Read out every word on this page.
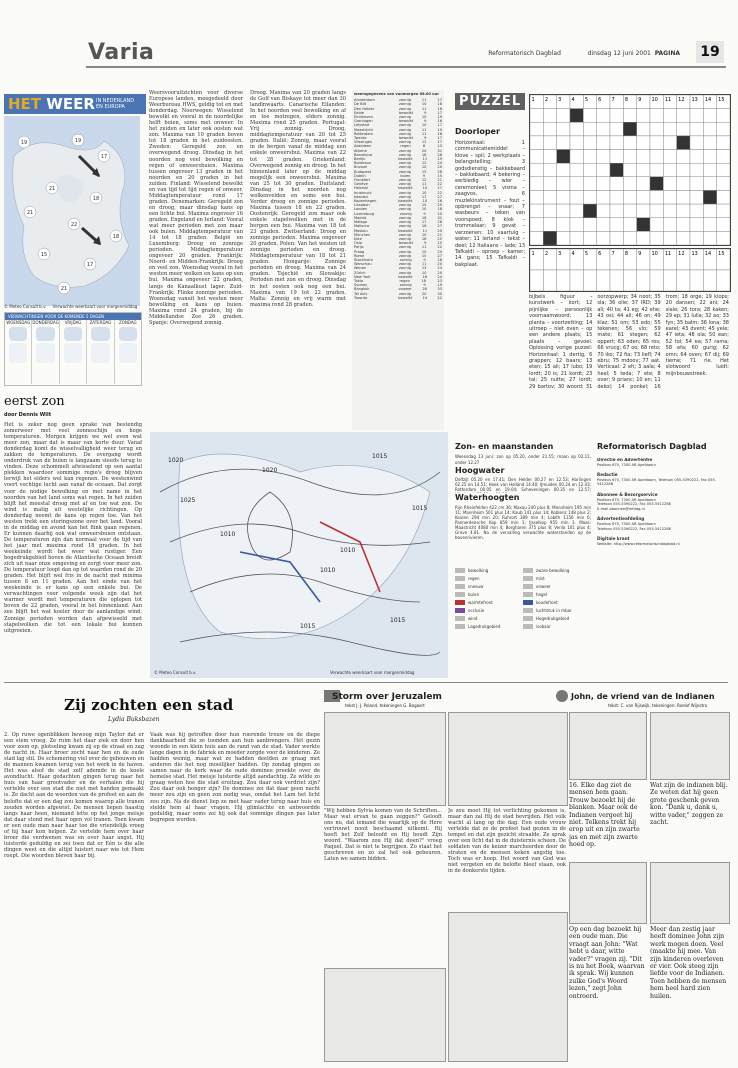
Varia	Reformatorisch Dagblad	dinsdag 12 juni 2001 PAGINA	19
HET WEER IN NEDERLAND EN EUROPA
19	19
17
21
18
21
22
18
15
17
21
© Meteo Consult b.v. Verwachte weerkaart voor morgenmiddag
VERWACHTINGEN VOOR DE KOMENDE 5 DAGEN
WOENSDAG DONDERDAG	VRIJDAG	ZATERDAG	ZONDAG
eerst zon
door Dennis Wilt
Het is zeker nog geen sprake van bestendig zomerweer met veel zonneschijn en hoge temperaturen. Morgen krijgen we wel even wat meer zon, maar dat is maar van korte duur. Vanaf donderdag komt de wisselvalligheid weer terug en zakken de temperaturen. De overgang wordt onderdruk van de buien is langzaam steeds terug te vinden. Deze schommelt afwisselend op een aantal plekken waardoor sommige regio's droog blijven terwijl het elders wel kan regenen. De westenwind voert vochtige lucht aan vanaf de oceaan. Dat zorgt voor de nodige bewolking en met name in het noorden van het land soms wat regen. In het zuiden blijft het meestal droog met af en toe wat zon. De wind is matig uit westelijke richtingen. Op donderdag neemt de kans op regen toe. Van het westen trekt een storingszone over het land. Vooral in de middag en avond kan het flink gaan regenen. Er kunnen daarbij ook wat onweersbuien ontstaan. De temperaturen zijn dan normaal voor de tijd van het jaar met maxima rond 18 graden. In het weekeinde wordt het weer wat rustiger. Een hogedrukgebied boven de Atlantische Oceaan breidt zich uit naar onze omgeving en zorgt voor meer zon. De temperatuur loopt dan op tot waarden rond de 20 graden. Het blijft wel fris in de nacht met minima tussen 8 en 11 graden. Aan het einde van het weekeinde is er kans op een enkele bui. De verwachtingen voor volgende week zijn dat het warmer wordt met temperaturen die oplopen tot boven de 22 graden, vooral in het binnenland. Aan zee blijft het wat koeler door de aanlandige wind. Zonnige perioden worden dan afgewisseld met stapelwolken die tot een lokale bui kunnen uitgroeien.
Weersvooruitzichten voor diverse Europese landen, meegedeeld door Weerbureau HWS, geldig tot en met donderdag. Noorwegen: Wisselend bewolkt en vooral in de noordelijke helft buien, soms met onweer. In het zuiden en later ook oosten wat zon. Maxima van 10 graden boven tot 18 graden in het zuidoosten. Zweden: Geregeld zon en overwegend droog. Dinsdag in het noorden nog veel bewolking en regen of onweersbuien. Maxima tussen ongeveer 13 graden in het noorden en 20 graden in het zuiden. Finland: Wisselend bewolkt en van tijd tot tijd regen of onweer. Middagtemperatuur rond 17 graden. Denemarken: Geregeld zon en droog, maar dinsdag kans op een lichte bui. Maxima ongeveer 16 graden. Engeland en Ierland: Vooral wat meer perioden met zon maar ook buien. Middagtemperatuur van 14 tot 18 graden. België en Luxemburg: Droog en zonnige perioden. Middagtemperatuur ongeveer 20 graden. Frankrijk: Noord- en Midden-Frankrijk: Droog en veel zon. Woensdag vooral in het westen meer wolken en kans op een bui. Maxima ongeveer 22 graden, langs de Kanaalkust lager. Zuid-Frankrijk: Flinke zonnige perioden. Woensdag vanuit het westen meer bewolking en kans op buien. Maxima rond 24 graden, bij de Middellandse Zee 26 graden. Spanje: Overwegend zonnig.
Droog. Maxima van 20 graden langs de Golf van Biskaye tot meer dan 30 landinwaarts. Canarische Eilanden: In het noorden veel bewolking en af en toe motregen, elders zonnig. Maxima rond 25 graden. Portugal: Vrij zonnig. Droog, middagtemperatuur van 20 tot 25 graden. Italië: Zonnig, maar vooral in de bergen vanaf de middag een enkele onweersbui. Maxima van 22 tot 28 graden. Griekenland: Overwegend zonnig en droog. In het binnenland later op de middag mogelijk een onweersbui. Maxima van 25 tot 30 graden. Duitsland: Dinsdag in het noorden nog wolkenvelden en soms een bui. Verder droog en zonnige perioden. Maxima tussen 18 en 22 graden. Oostenrijk: Geregeld zon maar ook enkele stapelwolken met in de bergen een bui. Maxima van 18 tot 23 graden. Zwitserland: Droog en zonnige perioden. Maxima ongeveer 20 graden. Polen: Van het westen uit zonnige perioden en droog. Middagtemperatuur van 18 tot 21 graden. Hongarije: Zonnige perioden en droog. Maxima van 24 graden. Tsjechië en Slowakije: Perioden met zon en droog. Dinsdag in het oosten ook nog een bui. Maxima van 19 tot 22 graden. Malta: Zonnig en vrij warm met maxima rond 28 graden.
weersgegevens van vanmorgen 08.00 uur
Amsterdam	zonnig	11	17
De Bilt	zonnig	10	18
Den Helder	zonnig	11	16
Eelde	bewolkt	9	17
Eindhoven	zonnig	10	19
Groningen	bewolkt	9	16
Lelystad	zonnig	10	17
Maastricht	zonnig	11	19
Rotterdam	zonnig	11	18
Twente	bewolkt	9	17
Vlissingen	zonnig	12	17
Aberdeen	regen	8	13
Athene	zonnig	20	31
Barcelona	zonnig	18	26
Berlijn	bewolkt	11	19
Bordeaux	zonnig	12	24
Brussel	zonnig	10	20
Budapest	zonnig	15	26
Dublin	buien	9	15
Frankfort	zonnig	12	21
Genève	zonnig	11	22
Helsinki	bewolkt	10	17
Innsbruck	zonnig	10	22
Istanbul	zonnig	17	27
Kopenhagen	bewolkt	10	16
Lissabon	zonnig	15	25
Londen	zonnig	10	18
Luxemburg	zonnig	9	20
Madrid	zonnig	16	31
Malaga	zonnig	17	28
Mallorca	zonnig	16	27
Moskou	bewolkt	11	20
München	zonnig	10	21
Nice	zonnig	16	25
Oslo	bewolkt	9	15
Parijs	zonnig	11	22
Praag	zonnig	10	20
Rome	zonnig	15	27
Stockholm	zonnig	9	18
Warschau	zonnig	11	20
Wenen	zonnig	13	23
Zürich	zonnig	10	20
New York	bewolkt	16	24
Tokio	regen	18	23
Sydney	zonnig	9	19
Bangkok	onweer	26	33
Tel Aviv	zonnig	20	30
Toronto	bewolkt	14	22
PUZZEL	1 2 3 4 5 6 7 8 9 10 11 12 13 14 15
1 2 3 4 5 6 7 8 9 10 11 12 13 14 15
Doorloper
Horizontaal: 1 communicatiemiddel – klove – spil; 2 werkplaats – belangstelling; 3 godsdienstig – bakkebaard – bakkebaard; 4 bekering – eerbiedig – wier – ceremonieel; 5 visma – zaagvos, 6 muziekinstrument – fout – opbrengst – snaar; 7 wasbeurs – teken van voorspoed; 8 klok – trommelaar; 9 gevat – verzoenen; 10 vaartuig – water; 11 Ierland – tekst – deel; 12 Italiaans – lade; 13 Tafkaldi – oproep – kamer; 14 gans; 15 Tafkaldi – bakplaat.
bijbels figuur – kunstwerk – kort; 12 pijnlijke – persoonlijk voornaamwoord; 13 planta – voortzetting; 14 uitroep – niet oven – op een andere plaats; 15 plaats – gevoel. Oplossing vorige puzzel: Horizontaal: 1 dertig, 6 grappen; 12 baars; 13 eten; 15 ali; 17 lubo; 19 lordt; 20 is; 21 kordt; 23 tal; 25 nutte; 27 lordt; 29 bartov; 30 woord; 31 oorzopwerp; 34 noot; 35 sla; 36 olie; 37 IRD; 39 ali; 40 ta; 41 eg; 42 ehe; 43 osi; 44 ali; 46 on; 49 klaz; 51 om; 53 edo; 55 tekenen; 56 vlo; 59 mate; 61 stegen; 62 oppert; 63 oden; 65 ros; 66 vrucg; 67 oo; 68 reto; 70 iko; 72 fia; 73 liefl; 74 ebru; 75 mdoov; 77 aat. Verticaal: 2 elt; 3 aala; 4 heel; 5 teda; 7 ete; 8 over; 9 prianc; 10 en; 11 dekol; 14 ponkel; 16 trom; 18 orge; 19 klops; 20 dansen; 22 ani; 24 siale; 26 tora; 28 kaken; 29 ep; 31 lulia; 32 ao; 33 fyn; 35 balm; 36 lona; 38 earel; 43 dvent; 45 yele; 47 ieta; 48 ola; 50 ean; 52 tol; 54 ea; 57 rama; 58 efa; 60 gurig; 62 omn; 64 oven; 67 dij; 69 tieme; 71 rie. Het slotwoord luidt: mijnbouwstreek.
1020
1020
1015
1025
1015
1010
1010
1015
1015
1010
© Meteo Consult b.v.	Verwachte weerkaart voor morgenmiddag
Zon- en maanstanden
Woensdag 13 juni: zon op 05.20, onder 21.55; maan op 02.11, onder 12.27
Hoogwater
Delfzijl 05.20 en 17.41; Den Helder 00.27 en 12.53; Harlingen 02.25 en 14.51; Hoek van Holland 14.40; IJmuiden 00.24 en 12.43; Rotterdam 00.05 en 19.04; Scheveningen 00.35 en 12.57;
Waterhoogten
Rijn Rheinfelden 422 cm 36; Maxau 240 plus 8; Mannheim 195 min 11; Mannheim 501 plus 14; Kaub 141 plus 14; Koblenz 148 plus 2; Keulen 294 min 20; Ruhrort 389 min 4; Lobith 1156 min 6; Pannerdensche Kop 859 min 1; IJsselkop 955 min 3. Maas: Maastricht 4080 min 4; Borgharen 375 plus 8; Venlo 101 plus 4; Grave 4.81. Na de vervalling verwachte waterstanden op de bovenrivieren.
bewolking	zware bewolking
regen	mist
sneeuw	onweer
buien	hagel
warmtefront	koudefront
occlusie	luchtdruk in mbar
wind	Hogedrukgebied
Lagedrukgebied	isobaar
Reformatorisch Dagblad
Directie en Advertentie
Postbus 670, 7300 AR Apeldoorn
Redactie
Postbus 670, 7300 AR Apeldoorn, Telefoon 055-5390222, Fax 055-5412288
Abonnee & Bezorgservice
Postbus 670, 7300 AR Apeldoorn
Telefoon 055-5390222, Fax 055-5412288
E-mail abonnee@refdag.nl
Advertentieafdeling
Postbus 670, 7300 AR Apeldoorn
Telefoon 055-5390222, Fax 055-5412288
Digitale krant
Website: http://www.reformatorischdagblad.nl
Zij zochten een stad
Lydia Buksbazen
2. Op ruwe ogenblikken bewoog mijn Taylor dat er een stem vroeg. Ze ruim het daar ziek en door hen voor zoon op, plotseling kwam zij op de straat en zag de nacht in. Haar broer zocht naar hen en de oude stad lag stil. De schemering viel over de gebouwen en de mannen kwamen terug van het werk in de haven. Het was alsof de stad zelf ademde in de koele avondlucht. Haar gedachten gingen terug naar het huis van haar grootvader en de verhalen die hij vertelde over een stad die niet met handen gemaakt is. Ze dacht aan de woorden van de profeet en aan de belofte dat er een dag zou komen waarop alle tranen zouden worden afgewist. De mensen liepen haastig langs haar heen, niemand lette op het jonge meisje dat daar stond met haar ogen vol tranen. Toen kwam er een oude man naar haar toe die vriendelijk vroeg of hij haar kon helpen. Ze vertelde hem over haar broer die verdwenen was en over haar angst. Hij luisterde geduldig en zei toen dat er Eén is die alle dingen weet en die altijd luistert naar wie tot Hem roept. Die woorden bleven haar bij.
Vaak was hij getroffen door hun roerende trouw en de diepe dankbaarheid die ze toonden aan hun aanbrengers. Het gezin woonde in een klein huis aan de rand van de stad. Vader werkte lange dagen in de fabriek en moeder zorgde voor de kinderen. Ze hadden weinig, maar wat ze hadden deelden ze graag met anderen die het nog moeilijker hadden. Op zondag gingen ze samen naar de kerk waar de oude dominee preekte over de hemelse stad. Het meisje luisterde altijd aandachtig. Ze wilde zo graag weten hoe die stad eruitzag. Zou daar ook verdriet zijn? Zou daar ook honger zijn? De dominee zei dat daar geen nacht meer zou zijn en geen zon nodig was, omdat het Lam het licht zou zijn. Na de dienst liep ze met haar vader terug naar huis en stelde hem al haar vragen. Hij glimlachte en antwoordde geduldig, maar soms zei hij ook dat sommige dingen pas later begrepen worden.
Storm over Jeruzalem
tekst J. J. Poland, tekeningen G. Bogaert
"Wij hebben Sylvia komen van de Schriften... Maar wat ervan te gaan zeggen?" Gelooft ons nu, dat iemand die waarlijk op de Here vertrouwt nooit beschaamd uitkomt. Hij heeft het Zelf beloofd en Hij houdt Zijn woord. "Waarom zou Hij dat doen?" vroeg Paquel. Dat is niet te begrijpen. Zo staat het geschreven en zo zal het ook gebeuren. Laten we samen bidden.
Je zou moet Hij tot verlichting gekomen is, maar dan zal Hij de stad bevrijden. Het volk wacht al lang op die dag. Een oude vrouw vertelde dat ze de profeet had gezien in de tempel en dat zijn gezicht straalde. Ze sprak over een licht dat in de duisternis scheen. De soldaten van de keizer marcheerden door de straten en de mensen keken angstig toe. Toch was er hoop. Het woord van God was niet vergeten en de belofte bleef staan, ook in de donkerste tijden.
John, de vriend van de Indianen
tekst: C. van Rijswijk, tekeningen: Roelof Wijnstra
16. Elke dag ziet de mensen hem gaan. Trouw bezoekt hij de blanken. Maar ook de Indianen vergeet hij niet. Telkens trekt hij erop uit en zijn zwarte jas en met zijn zwarte hoed op.
Wat zijn de indianen blij. Ze weten dat hij geen grote geschenk geven kon. "Dank u, dank u, witte vader," zeggen ze zacht.
Op een dag bezoekt hij een oude man. Die vraagt aan John: "Wat hebt u daar, witte vader?" vragen zij. "Dit is nu het Boek, waarvan ik sprak. Wij kunnen zulke God's Woord lezen," zegt John ontroerd.
Meer dan zestig jaar heeft dominee John zijn werk mogen doen. Veel (maakte hij mee. Van zijn kinderen overleven er vier. Ook steeg zijn liefde voor de Indianen. Toen hebben de mensen hem heel hard zien huilen.
